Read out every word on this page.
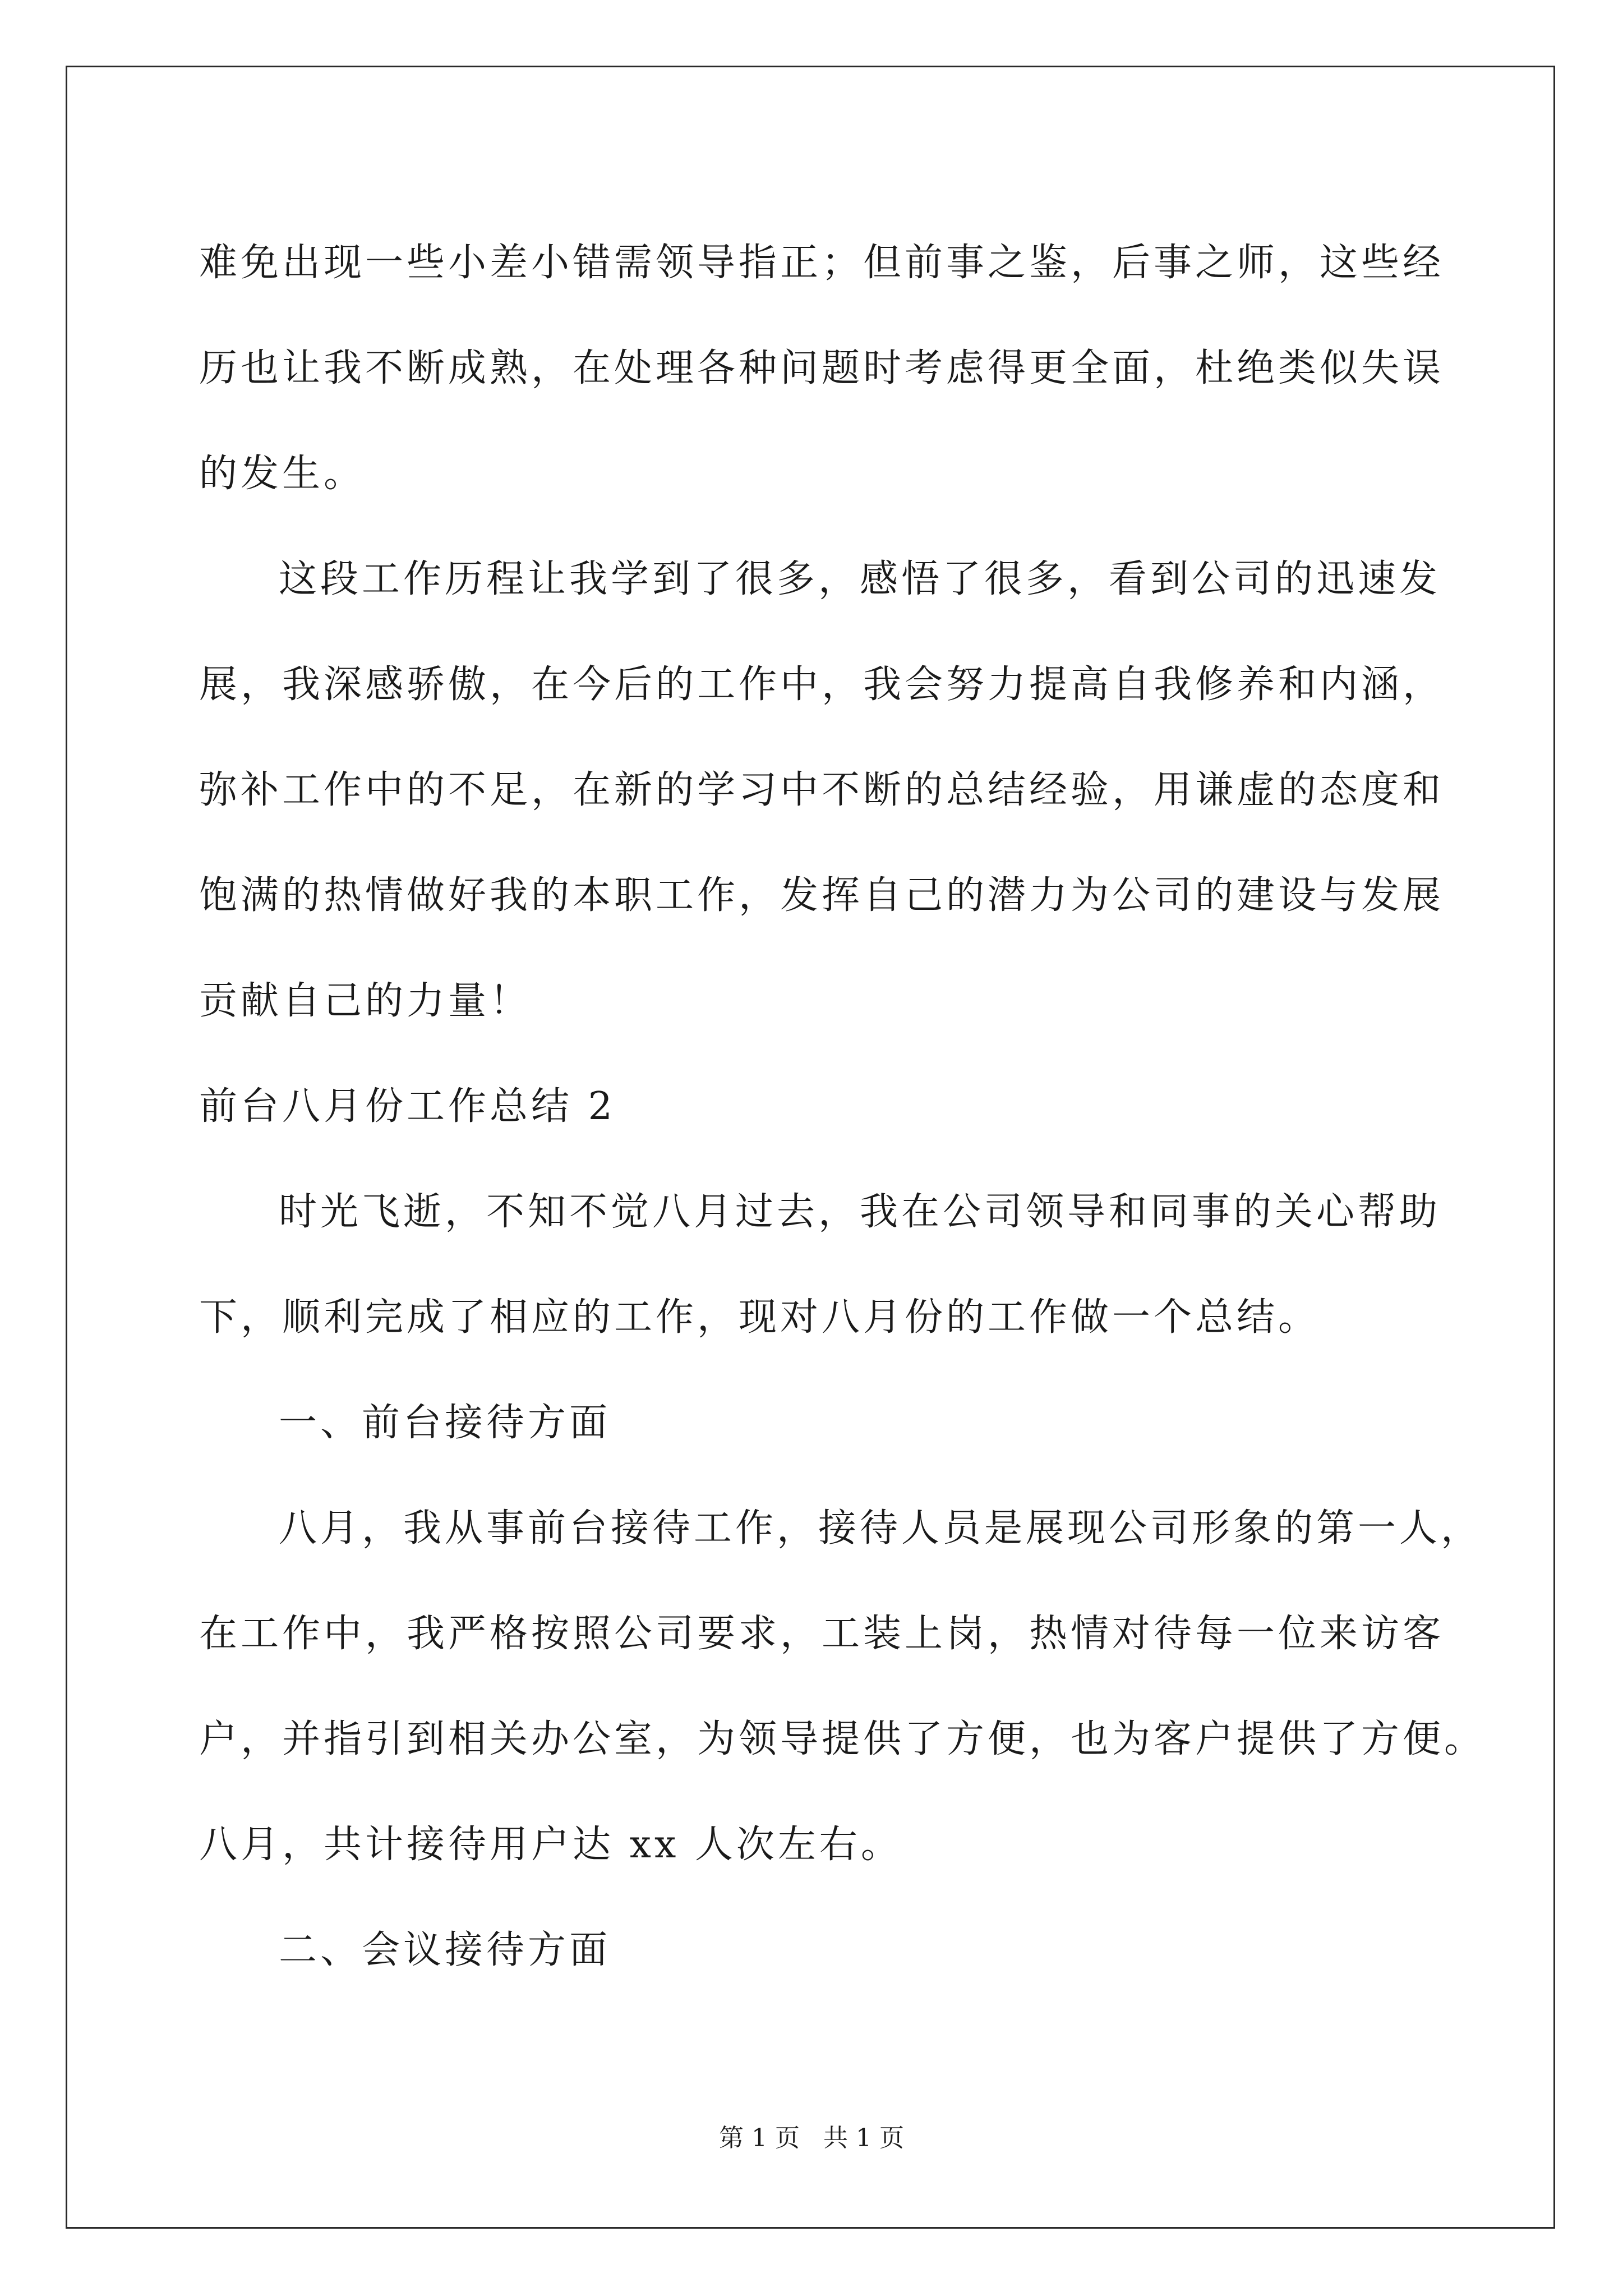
难免出现一些小差小错需领导指正；但前事之鉴，后事之师，这些经

历也让我不断成熟，在处理各种问题时考虑得更全面，杜绝类似失误

的发生。

这段工作历程让我学到了很多，感悟了很多，看到公司的迅速发

展，我深感骄傲，在今后的工作中，我会努力提高自我修养和内涵，

弥补工作中的不足，在新的学习中不断的总结经验，用谦虚的态度和

饱满的热情做好我的本职工作，发挥自己的潜力为公司的建设与发展

贡献自己的力量！

前台八月份工作总结 2

时光飞逝，不知不觉八月过去，我在公司领导和同事的关心帮助

下，顺利完成了相应的工作，现对八月份的工作做一个总结。

一、前台接待方面

八月，我从事前台接待工作，接待人员是展现公司形象的第一人，

在工作中，我严格按照公司要求，工装上岗，热情对待每一位来访客

户，并指引到相关办公室，为领导提供了方便，也为客户提供了方便。

八月，共计接待用户达 xx 人次左右。

二、会议接待方面

第 1 页 共 1 页
